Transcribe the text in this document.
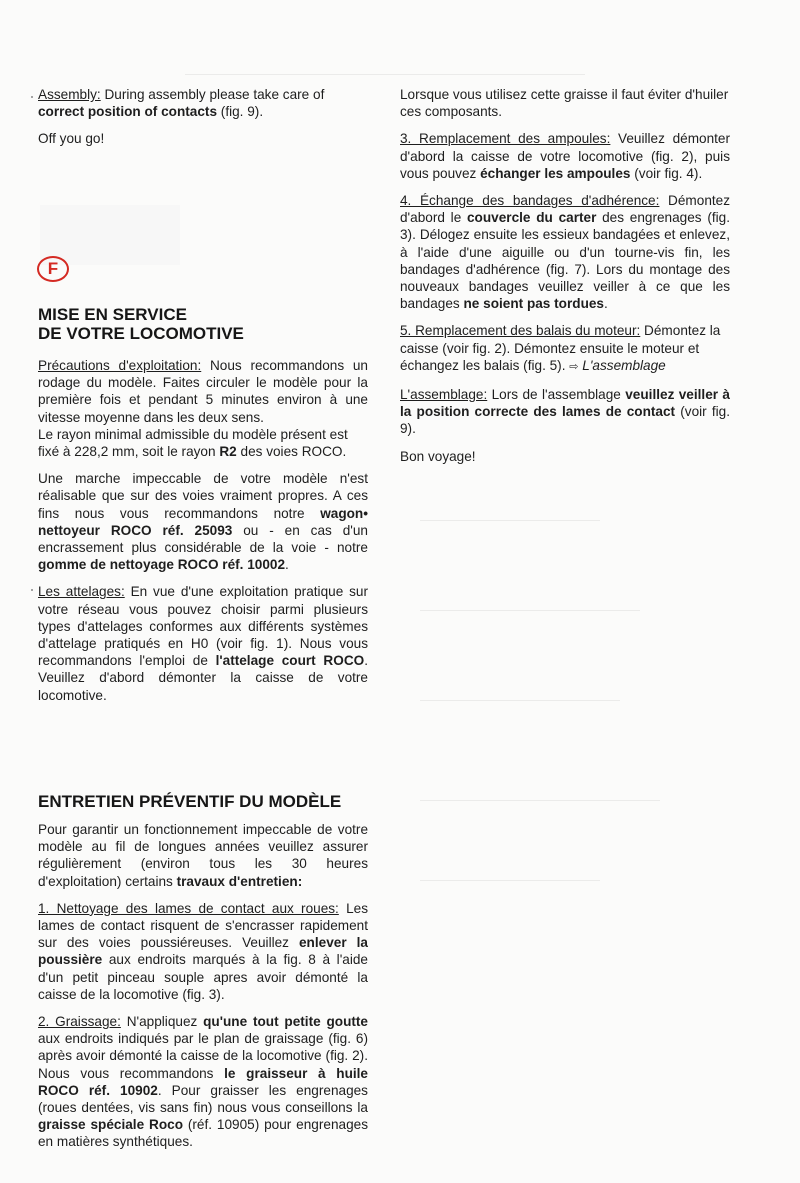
Assembly: During assembly please take care of correct position of contacts (fig. 9).

Off you go!

F
MISE EN SERVICE
DE VOTRE LOCOMOTIVE

Précautions d'exploitation: Nous recommandons un rodage du modèle. Faites circuler le modèle pour la première fois et pendant 5 minutes environ à une vitesse moyenne dans les deux sens.

Le rayon minimal admissible du modèle présent est fixé à 228,2 mm, soit le rayon R2 des voies ROCO.

Une marche impeccable de votre modèle n'est réalisable que sur des voies vraiment propres. A ces fins nous vous recommandons notre wagon• nettoyeur ROCO réf. 25093 ou - en cas d'un encrassement plus considérable de la voie - notre gomme de nettoyage ROCO réf. 10002.

Les attelages: En vue d'une exploitation pratique sur votre réseau vous pouvez choisir parmi plusieurs types d'attelages conformes aux différents systèmes d'attelage pratiqués en H0 (voir fig. 1). Nous vous recommandons l'emploi de l'attelage court ROCO. Veuillez d'abord démonter la caisse de votre locomotive.

ENTRETIEN PRÉVENTIF DU MODÈLE

Pour garantir un fonctionnement impeccable de votre modèle au fil de longues années veuillez assurer régulièrement (environ tous les 30 heures d'exploitation) certains travaux d'entretien:

1. Nettoyage des lames de contact aux roues: Les lames de contact risquent de s'encrasser rapidement sur des voies poussiéreuses. Veuillez enlever la poussière aux endroits marqués à la fig. 8 à l'aide d'un petit pinceau souple apres avoir démonté la caisse de la locomotive (fig. 3).

2. Graissage: N'appliquez qu'une tout petite goutte aux endroits indiqués par le plan de graissage (fig. 6) après avoir démonté la caisse de la locomotive (fig. 2). Nous vous recommandons le graisseur à huile ROCO réf. 10902. Pour graisser les engrenages (roues dentées, vis sans fin) nous vous conseillons la graisse spéciale Roco (réf. 10905) pour engrenages en matières synthétiques.

Lorsque vous utilisez cette graisse il faut éviter d'huiler ces composants.

3. Remplacement des ampoules: Veuillez démonter d'abord la caisse de votre locomotive (fig. 2), puis vous pouvez échanger les ampoules (voir fig. 4).

4. Échange des bandages d'adhérence: Démontez d'abord le couvercle du carter des engrenages (fig. 3). Délogez ensuite les essieux bandagées et enlevez, à l'aide d'une aiguille ou d'un tourne-vis fin, les bandages d'adhérence (fig. 7). Lors du montage des nouveaux bandages veuillez veiller à ce que les bandages ne soient pas tordues.

5. Remplacement des balais du moteur: Démontez la caisse (voir fig. 2). Démontez ensuite le moteur et échangez les balais (fig. 5). ⇨ L'assemblage

L'assemblage: Lors de l'assemblage veuillez veiller à la position correcte des lames de contact (voir fig. 9).

Bon voyage!
